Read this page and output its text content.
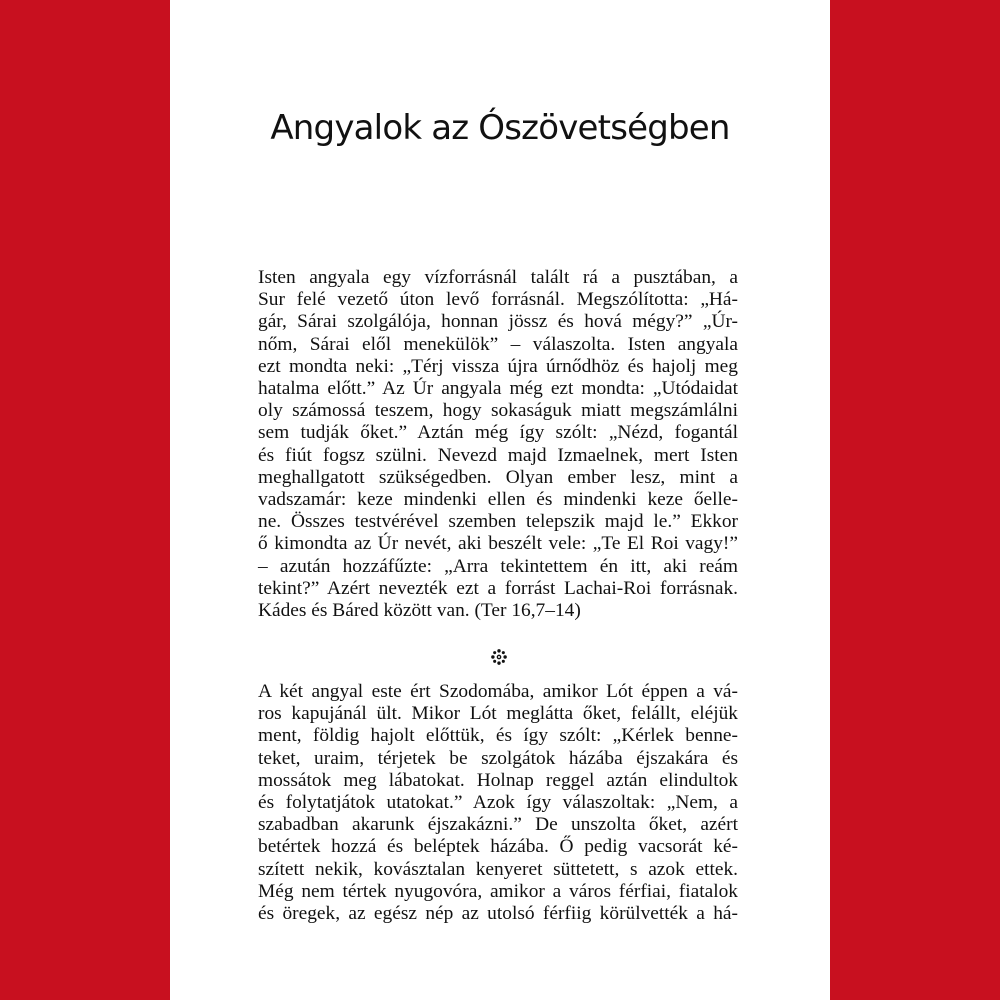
Angyalok az Ószövetségben
Isten angyala egy vízforrásnál talált rá a pusztában, a
Sur felé vezető úton levő forrásnál. Megszólította: „Há-
gár, Sárai szolgálója, honnan jössz és hová mégy?” „Úr-
nőm, Sárai elől menekülök” – válaszolta. Isten angyala
ezt mondta neki: „Térj vissza újra úrnődhöz és hajolj meg
hatalma előtt.” Az Úr angyala még ezt mondta: „Utódaidat
oly számossá teszem, hogy sokaságuk miatt megszámlálni
sem tudják őket.” Aztán még így szólt: „Nézd, fogantál
és fiút fogsz szülni. Nevezd majd Izmaelnek, mert Isten
meghallgatott szükségedben. Olyan ember lesz, mint a
vadszamár: keze mindenki ellen és mindenki keze őelle-
ne. Összes testvérével szemben telepszik majd le.” Ekkor
ő kimondta az Úr nevét, aki beszélt vele: „Te El Roi vagy!”
– azután hozzáfűzte: „Arra tekintettem én itt, aki reám
tekint?” Azért nevezték ezt a forrást Lachai-Roi forrásnak.
Kádes és Báred között van. (Ter 16,7–14)
A két angyal este ért Szodomába, amikor Lót éppen a vá-
ros kapujánál ült. Mikor Lót meglátta őket, felállt, eléjük
ment, földig hajolt előttük, és így szólt: „Kérlek benne-
teket, uraim, térjetek be szolgátok házába éjszakára és
mossátok meg lábatokat. Holnap reggel aztán elindultok
és folytatjátok utatokat.” Azok így válaszoltak: „Nem, a
szabadban akarunk éjszakázni.” De unszolta őket, azért
betértek hozzá és beléptek házába. Ő pedig vacsorát ké-
szített nekik, kovásztalan kenyeret süttetett, s azok ettek.
Még nem tértek nyugovóra, amikor a város férfiai, fiatalok
és öregek, az egész nép az utolsó férfiig körülvették a há-
